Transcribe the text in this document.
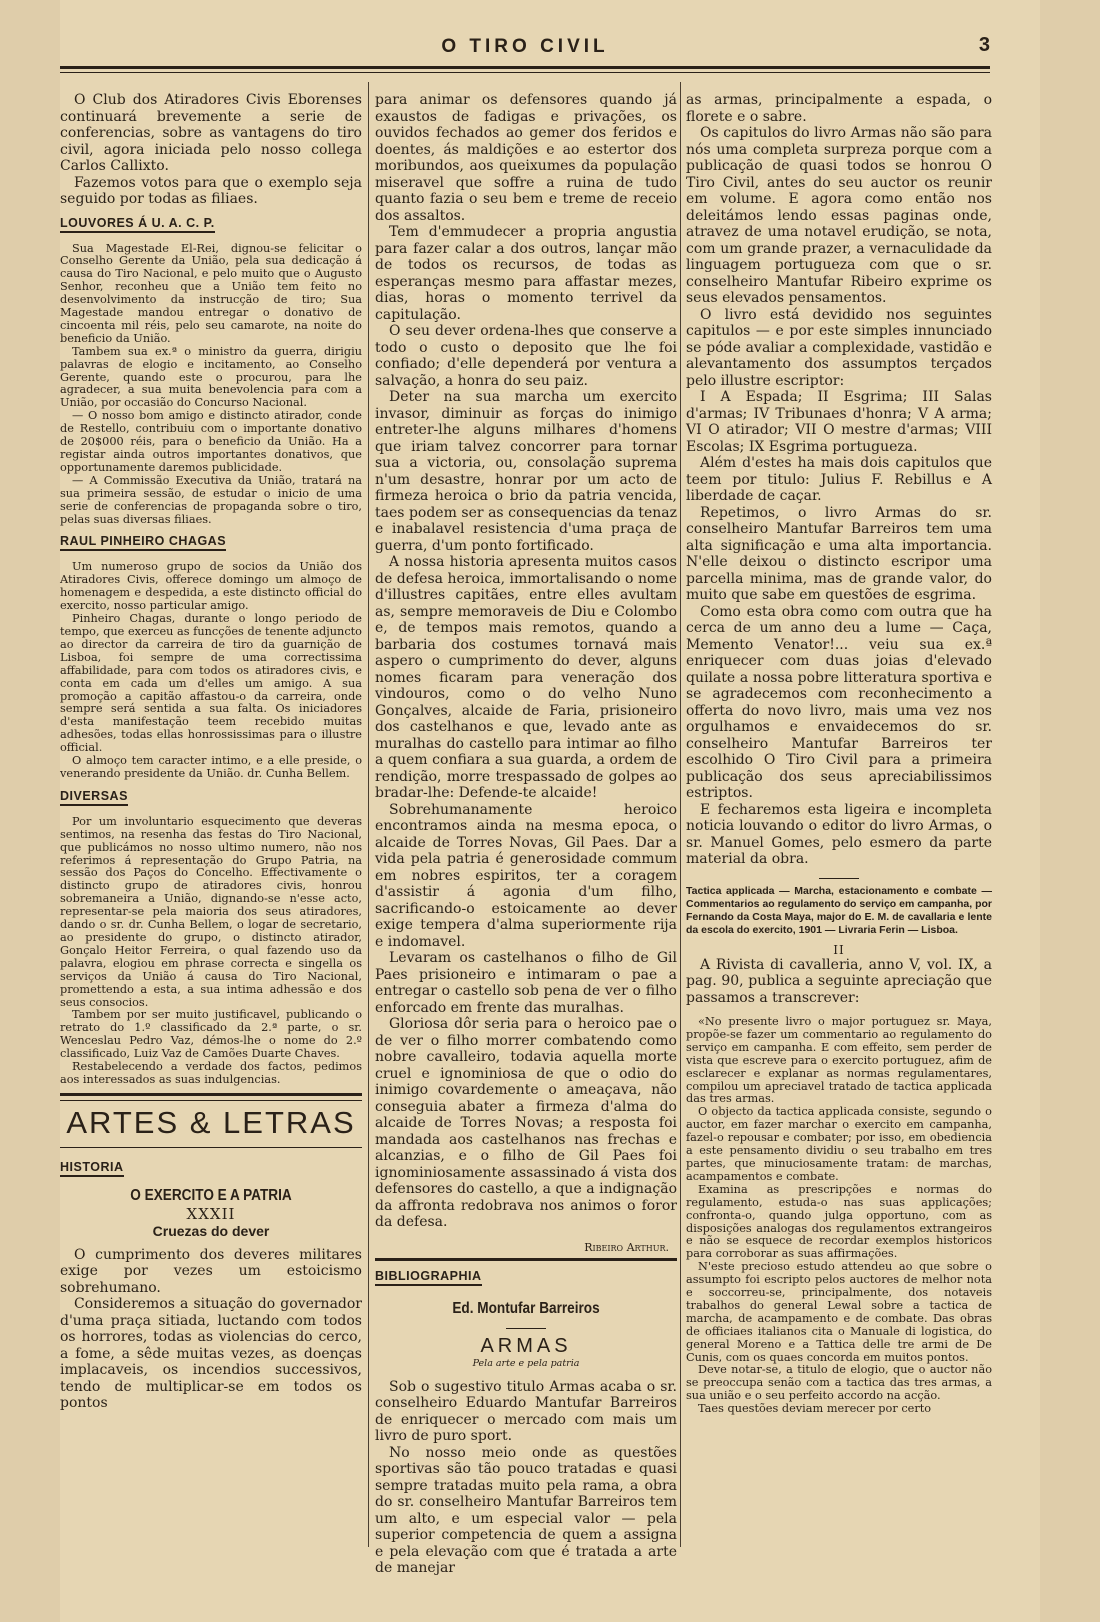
O TIRO CIVIL	3

O Club dos Atiradores Civis Eborenses continuará brevemente a serie de conferencias, sobre as vantagens do tiro civil, agora iniciada pelo nosso collega Carlos Callixto.

Fazemos votos para que o exemplo seja seguido por todas as filiaes.

LOUVORES Á U. A. C. P.

Sua Magestade El-Rei, dignou-se felicitar o Conselho Gerente da União, pela sua dedicação á causa do Tiro Nacional, e pelo muito que o Augusto Senhor, reconheu que a União tem feito no desenvolvimento da instrucção de tiro; Sua Magestade mandou entregar o donativo de cincoenta mil réis, pelo seu camarote, na noite do beneficio da União.

Tambem sua ex.ª o ministro da guerra, dirigiu palavras de elogio e incitamento, ao Conselho Gerente, quando este o procurou, para lhe agradecer, a sua muita benevolencia para com a União, por occasião do Concurso Nacional.

— O nosso bom amigo e distincto atirador, conde de Restello, contribuiu com o importante donativo de 20$000 réis, para o beneficio da União. Ha a registar ainda outros importantes donativos, que opportunamente daremos publicidade.

— A Commissão Executiva da União, tratará na sua primeira sessão, de estudar o inicio de uma serie de conferencias de propaganda sobre o tiro, pelas suas diversas filiaes.

RAUL PINHEIRO CHAGAS

Um numeroso grupo de socios da União dos Atiradores Civis, offerece domingo um almoço de homenagem e despedida, a este distincto official do exercito, nosso particular amigo.

Pinheiro Chagas, durante o longo periodo de tempo, que exerceu as funcções de tenente adjuncto ao director da carreira de tiro da guarnição de Lisboa, foi sempre de uma correctissima affabilidade, para com todos os atiradores civis, e conta em cada um d'elles um amigo. A sua promoção a capitão affastou-o da carreira, onde sempre será sentida a sua falta. Os iniciadores d'esta manifestação teem recebido muitas adhesões, todas ellas honrossissimas para o illustre official.

O almoço tem caracter intimo, e a elle preside, o venerando presidente da União. dr. Cunha Bellem.

DIVERSAS

Por um involuntario esquecimento que deveras sentimos, na resenha das festas do Tiro Nacional, que publicámos no nosso ultimo numero, não nos referimos á representação do Grupo Patria, na sessão dos Paços do Concelho. Effectivamente o distincto grupo de atiradores civis, honrou sobremaneira a União, dignando-se n'esse acto, representar-se pela maioria dos seus atiradores, dando o sr. dr. Cunha Bellem, o logar de secretario, ao presidente do grupo, o distincto atirador, Gonçalo Heitor Ferreira, o qual fazendo uso da palavra, elogiou em phrase correcta e singella os serviços da União á causa do Tiro Nacional, promettendo a esta, a sua intima adhessão e dos seus consocios.

Tambem por ser muito justificavel, publicando o retrato do 1.º classificado da 2.ª parte, o sr. Wenceslau Pedro Vaz, démos-lhe o nome do 2.º classificado, Luiz Vaz de Camões Duarte Chaves.

Restabelecendo a verdade dos factos, pedimos aos interessados as suas indulgencias.

ARTES & LETRAS
HISTORIA
O EXERCITO E A PATRIA
XXXII
Cruezas do dever

O cumprimento dos deveres militares exige por vezes um estoicismo sobrehumano.

Consideremos a situação do governador d'uma praça sitiada, luctando com todos os horrores, todas as violencias do cerco, a fome, a sêde muitas vezes, as doenças implacaveis, os incendios successivos, tendo de multiplicar-se em todos os pontos

para animar os defensores quando já exaustos de fadigas e privações, os ouvidos fechados ao gemer dos feridos e doentes, ás maldições e ao estertor dos moribundos, aos queixumes da população miseravel que soffre a ruina de tudo quanto fazia o seu bem e treme de receio dos assaltos.

Tem d'emmudecer a propria angustia para fazer calar a dos outros, lançar mão de todos os recursos, de todas as esperanças mesmo para affastar mezes, dias, horas o momento terrivel da capitulação.

O seu dever ordena-lhes que conserve a todo o custo o deposito que lhe foi confiado; d'elle dependerá por ventura a salvação, a honra do seu paiz.

Deter na sua marcha um exercito invasor, diminuir as forças do inimigo entreter-lhe alguns milhares d'homens que iriam talvez concorrer para tornar sua a victoria, ou, consolação suprema n'um desastre, honrar por um acto de firmeza heroica o brio da patria vencida, taes podem ser as consequencias da tenaz e inabalavel resistencia d'uma praça de guerra, d'um ponto fortificado.

A nossa historia apresenta muitos casos de defesa heroica, immortalisando o nome d'illustres capitães, entre elles avultam as, sempre memoraveis de Diu e Colombo e, de tempos mais remotos, quando a barbaria dos costumes tornavá mais aspero o cumprimento do dever, alguns nomes ficaram para veneração dos vindouros, como o do velho Nuno Gonçalves, alcaide de Faria, prisioneiro dos castelhanos e que, levado ante as muralhas do castello para intimar ao filho a quem confiara a sua guarda, a ordem de rendição, morre trespassado de golpes ao bradar-lhe: Defende-te alcaide!

Sobrehumanamente heroico encontramos ainda na mesma epoca, o alcaide de Torres Novas, Gil Paes. Dar a vida pela patria é generosidade commum em nobres espiritos, ter a coragem d'assistir á agonia d'um filho, sacrificando-o estoicamente ao dever exige tempera d'alma superiormente rija e indomavel.

Levaram os castelhanos o filho de Gil Paes prisioneiro e intimaram o pae a entregar o castello sob pena de ver o filho enforcado em frente das muralhas.

Gloriosa dôr seria para o heroico pae o de ver o filho morrer combatendo como nobre cavalleiro, todavia aquella morte cruel e ignominiosa de que o odio do inimigo covardemente o ameaçava, não conseguia abater a firmeza d'alma do alcaide de Torres Novas; a resposta foi mandada aos castelhanos nas frechas e alcanzias, e o filho de Gil Paes foi ignominiosamente assassinado á vista dos defensores do castello, a que a indignação da affronta redobrava nos animos o foror da defesa.

Ribeiro Arthur.

BIBLIOGRAPHIA
Ed. Montufar Barreiros
ARMAS
Pela arte e pela patria

Sob o sugestivo titulo Armas acaba o sr. conselheiro Eduardo Mantufar Barreiros de enriquecer o mercado com mais um livro de puro sport.

No nosso meio onde as questões sportivas são tão pouco tratadas e quasi sempre tratadas muito pela rama, a obra do sr. conselheiro Mantufar Barreiros tem um alto, e um especial valor — pela superior competencia de quem a assigna e pela elevação com que é tratada a arte de manejar

as armas, principalmente a espada, o florete e o sabre.

Os capitulos do livro Armas não são para nós uma completa surpreza porque com a publicação de quasi todos se honrou O Tiro Civil, antes do seu auctor os reunir em volume. E agora como então nos deleitámos lendo essas paginas onde, atravez de uma notavel erudição, se nota, com um grande prazer, a vernaculidade da linguagem portugueza com que o sr. conselheiro Mantufar Ribeiro exprime os seus elevados pensamentos.

O livro está devidido nos seguintes capitulos — e por este simples innunciado se póde avaliar a complexidade, vastidão e alevantamento dos assumptos terçados pelo illustre escriptor:

I A Espada; II Esgrima; III Salas d'armas; IV Tribunaes d'honra; V A arma; VI O atirador; VII O mestre d'armas; VIII Escolas; IX Esgrima portugueza.

Além d'estes ha mais dois capitulos que teem por titulo: Julius F. Rebillus e A liberdade de caçar.

Repetimos, o livro Armas do sr. conselheiro Mantufar Barreiros tem uma alta significação e uma alta importancia. N'elle deixou o distincto escripor uma parcella minima, mas de grande valor, do muito que sabe em questões de esgrima.

Como esta obra como com outra que ha cerca de um anno deu a lume — Caça, Memento Venator!... veiu sua ex.ª enriquecer com duas joias d'elevado quilate a nossa pobre litteratura sportiva e se agradecemos com reconhecimento a offerta do novo livro, mais uma vez nos orgulhamos e envaidecemos do sr. conselheiro Mantufar Barreiros ter escolhido O Tiro Civil para a primeira publicação dos seus apreciabilissimos estriptos.

E fecharemos esta ligeira e incompleta noticia louvando o editor do livro Armas, o sr. Manuel Gomes, pelo esmero da parte material da obra.

Tactica applicada — Marcha, estacionamento e combate — Commentarios ao regulamento do serviço em campanha, por Fernando da Costa Maya, major do E. M. de cavallaria e lente da escola do exercito, 1901 — Livraria Ferin — Lisboa.
II

A Rivista di cavalleria, anno V, vol. IX, a pag. 90, publica a seguinte apreciação que passamos a transcrever:

«No presente livro o major portuguez sr. Maya, propõe-se fazer um commentario ao regulamento do serviço em campanha. E com effeito, sem perder de vista que escreve para o exercito portuguez, afim de esclarecer e explanar as normas regulamentares, compilou um apreciavel tratado de tactica applicada das tres armas.

O objecto da tactica applicada consiste, segundo o auctor, em fazer marchar o exercito em campanha, fazel-o repousar e combater; por isso, em obediencia a este pensamento dividiu o seu trabalho em tres partes, que minuciosamente tratam: de marchas, acampamentos e combate.

Examina as prescripções e normas do regulamento, estuda-o nas suas applicações; confronta-o, quando julga opportuno, com as disposições analogas dos regulamentos extrangeiros e não se esquece de recordar exemplos historicos para corroborar as suas affirmações.

N'este precioso estudo attendeu ao que sobre o assumpto foi escripto pelos auctores de melhor nota e soccorreu-se, principalmente, dos notaveis trabalhos do general Lewal sobre a tactica de marcha, de acampamento e de combate. Das obras de officiaes italianos cita o Manuale di logistica, do general Moreno e a Tattica delle tre armi de De Cunis, com os quaes concorda em muitos pontos.

Deve notar-se, a titulo de elogio, que o auctor não se preoccupa senão com a tactica das tres armas, a sua união e o seu perfeito accordo na acção.

Taes questões deviam merecer por certo
